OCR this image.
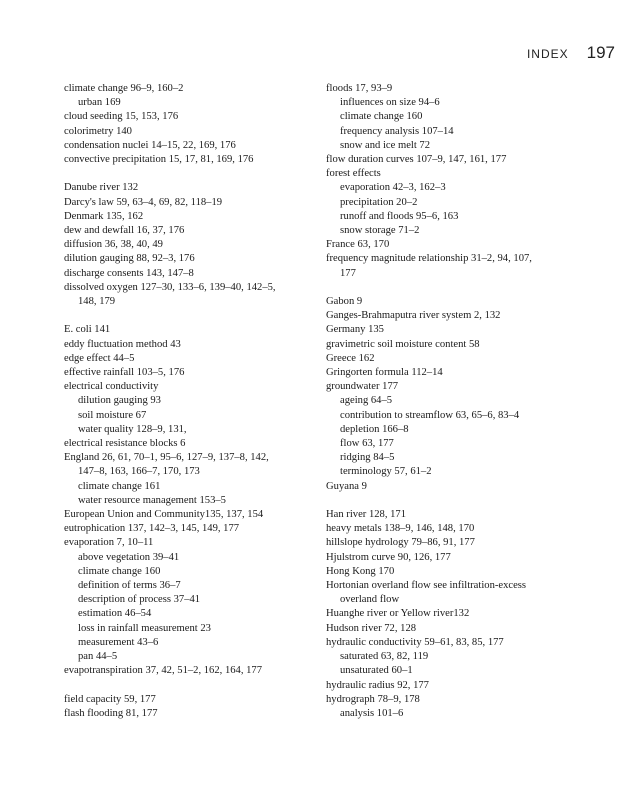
INDEX 197
climate change 96–9, 160–2
urban 169
cloud seeding 15, 153, 176
colorimetry 140
condensation nuclei 14–15, 22, 169, 176
convective precipitation 15, 17, 81, 169, 176
Danube river 132
Darcy's law 59, 63–4, 69, 82, 118–19
Denmark 135, 162
dew and dewfall 16, 37, 176
diffusion 36, 38, 40, 49
dilution gauging 88, 92–3, 176
discharge consents 143, 147–8
dissolved oxygen 127–30, 133–6, 139–40, 142–5,
148, 179
E. coli 141
eddy fluctuation method 43
edge effect 44–5
effective rainfall 103–5, 176
electrical conductivity
dilution gauging 93
soil moisture 67
water quality 128–9, 131,
electrical resistance blocks 6
England 26, 61, 70–1, 95–6, 127–9, 137–8, 142,
147–8, 163, 166–7, 170, 173
climate change 161
water resource management 153–5
European Union and Community135, 137, 154
eutrophication 137, 142–3, 145, 149, 177
evaporation 7, 10–11
above vegetation 39–41
climate change 160
definition of terms 36–7
description of process 37–41
estimation 46–54
loss in rainfall measurement 23
measurement 43–6
pan 44–5
evapotranspiration 37, 42, 51–2, 162, 164, 177
field capacity 59, 177
flash flooding 81, 177
floods 17, 93–9
influences on size 94–6
climate change 160
frequency analysis 107–14
snow and ice melt 72
flow duration curves 107–9, 147, 161, 177
forest effects
evaporation 42–3, 162–3
precipitation 20–2
runoff and floods 95–6, 163
snow storage 71–2
France 63, 170
frequency magnitude relationship 31–2, 94, 107,
177
Gabon 9
Ganges-Brahmaputra river system 2, 132
Germany 135
gravimetric soil moisture content 58
Greece 162
Gringorten formula 112–14
groundwater 177
ageing 64–5
contribution to streamflow 63, 65–6, 83–4
depletion 166–8
flow 63, 177
ridging 84–5
terminology 57, 61–2
Guyana 9
Han river 128, 171
heavy metals 138–9, 146, 148, 170
hillslope hydrology 79–86, 91, 177
Hjulstrom curve 90, 126, 177
Hong Kong 170
Hortonian overland flow see infiltration-excess
overland flow
Huanghe river or Yellow river132
Hudson river 72, 128
hydraulic conductivity 59–61, 83, 85, 177
saturated 63, 82, 119
unsaturated 60–1
hydraulic radius 92, 177
hydrograph 78–9, 178
analysis 101–6
